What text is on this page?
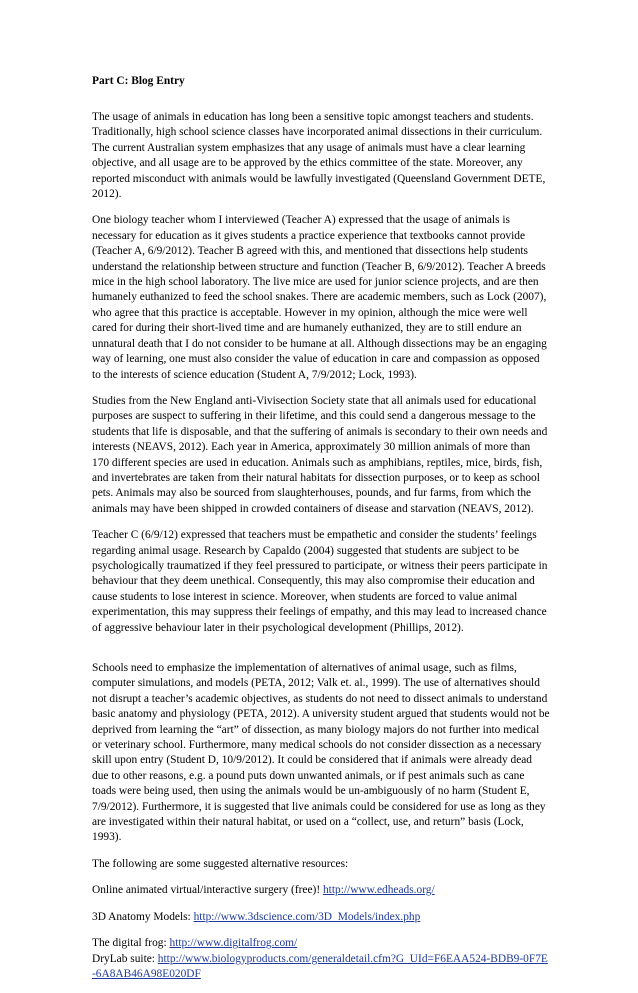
Part C: Blog Entry

The usage of animals in education has long been a sensitive topic amongst teachers and students. Traditionally, high school science classes have incorporated animal dissections in their curriculum. The current Australian system emphasizes that any usage of animals must have a clear learning objective, and all usage are to be approved by the ethics committee of the state. Moreover, any reported misconduct with animals would be lawfully investigated (Queensland Government DETE, 2012).

One biology teacher whom I interviewed (Teacher A) expressed that the usage of animals is necessary for education as it gives students a practice experience that textbooks cannot provide (Teacher A, 6/9/2012). Teacher B agreed with this, and mentioned that dissections help students understand the relationship between structure and function (Teacher B, 6/9/2012). Teacher A breeds mice in the high school laboratory. The live mice are used for junior science projects, and are then humanely euthanized to feed the school snakes. There are academic members, such as Lock (2007), who agree that this practice is acceptable. However in my opinion, although the mice were well cared for during their short-lived time and are humanely euthanized, they are to still endure an unnatural death that I do not consider to be humane at all. Although dissections may be an engaging way of learning, one must also consider the value of education in care and compassion as opposed to the interests of science education (Student A, 7/9/2012; Lock, 1993).

Studies from the New England anti-Vivisection Society state that all animals used for educational purposes are suspect to suffering in their lifetime, and this could send a dangerous message to the students that life is disposable, and that the suffering of animals is secondary to their own needs and interests (NEAVS, 2012). Each year in America, approximately 30 million animals of more than 170 different species are used in education. Animals such as amphibians, reptiles, mice, birds, fish, and invertebrates are taken from their natural habitats for dissection purposes, or to keep as school pets. Animals may also be sourced from slaughterhouses, pounds, and fur farms, from which the animals may have been shipped in crowded containers of disease and starvation (NEAVS, 2012).

Teacher C (6/9/12) expressed that teachers must be empathetic and consider the students’ feelings regarding animal usage. Research by Capaldo (2004) suggested that students are subject to be psychologically traumatized if they feel pressured to participate, or witness their peers participate in behaviour that they deem unethical. Consequently, this may also compromise their education and cause students to lose interest in science. Moreover, when students are forced to value animal experimentation, this may suppress their feelings of empathy, and this may lead to increased chance of aggressive behaviour later in their psychological development (Phillips, 2012).

Schools need to emphasize the implementation of alternatives of animal usage, such as films, computer simulations, and models (PETA, 2012; Valk et. al., 1999). The use of alternatives should not disrupt a teacher’s academic objectives, as students do not need to dissect animals to understand basic anatomy and physiology (PETA, 2012). A university student argued that students would not be deprived from learning the “art” of dissection, as many biology majors do not further into medical or veterinary school. Furthermore, many medical schools do not consider dissection as a necessary skill upon entry (Student D, 10/9/2012). It could be considered that if animals were already dead due to other reasons, e.g. a pound puts down unwanted animals, or if pest animals such as cane toads were being used, then using the animals would be un-ambiguously of no harm (Student E, 7/9/2012). Furthermore, it is suggested that live animals could be considered for use as long as they are investigated within their natural habitat, or used on a “collect, use, and return” basis (Lock, 1993).

The following are some suggested alternative resources:

Online animated virtual/interactive surgery (free)! http://www.edheads.org/

3D Anatomy Models: http://www.3dscience.com/3D_Models/index.php

The digital frog: http://www.digitalfrog.com/

DryLab suite: http://www.biologyproducts.com/generaldetail.cfm?G_UId=F6EAA524-BDB9-0F7E-6A8AB46A98E020DF
